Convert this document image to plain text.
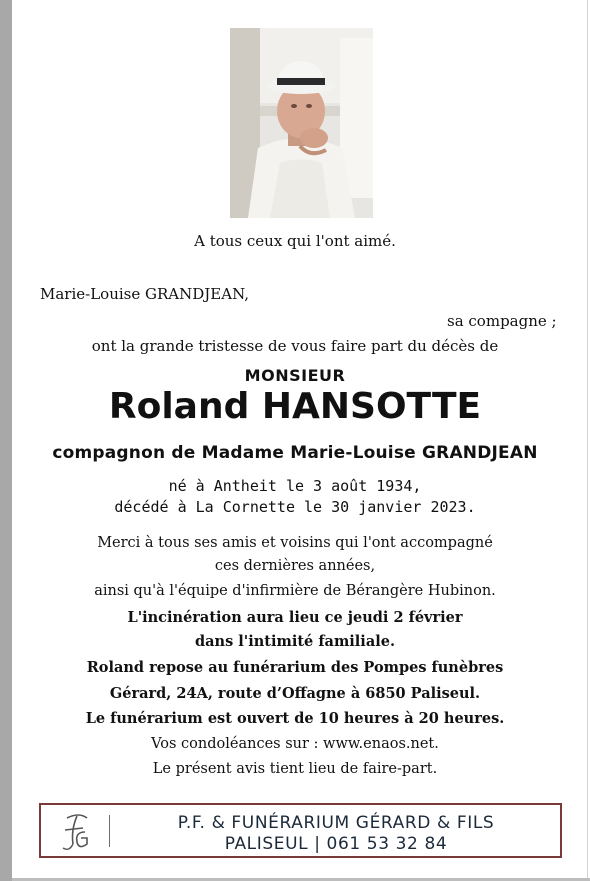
A tous ceux qui l'ont aimé.
Marie-Louise GRANDJEAN,
sa compagne ;
ont la grande tristesse de vous faire part du décès de
MONSIEUR
Roland HANSOTTE
compagnon de Madame Marie-Louise GRANDJEAN
né à Antheit le 3 août 1934,
décédé à La Cornette le 30 janvier 2023.
Merci à tous ses amis et voisins qui l'ont accompagné
ces dernières années,
ainsi qu'à l'équipe d'infirmière de Bérangère Hubinon.
L'incinération aura lieu ce jeudi 2 février
dans l'intimité familiale.
Roland repose au funérarium des Pompes funèbres
Gérard, 24A, route d’Offagne à 6850 Paliseul.
Le funérarium est ouvert de 10 heures à 20 heures.
Vos condoléances sur : www.enaos.net.
Le présent avis tient lieu de faire-part.
P.F. & FUNÉRARIUM GÉRARD & FILS
PALISEUL | 061 53 32 84
